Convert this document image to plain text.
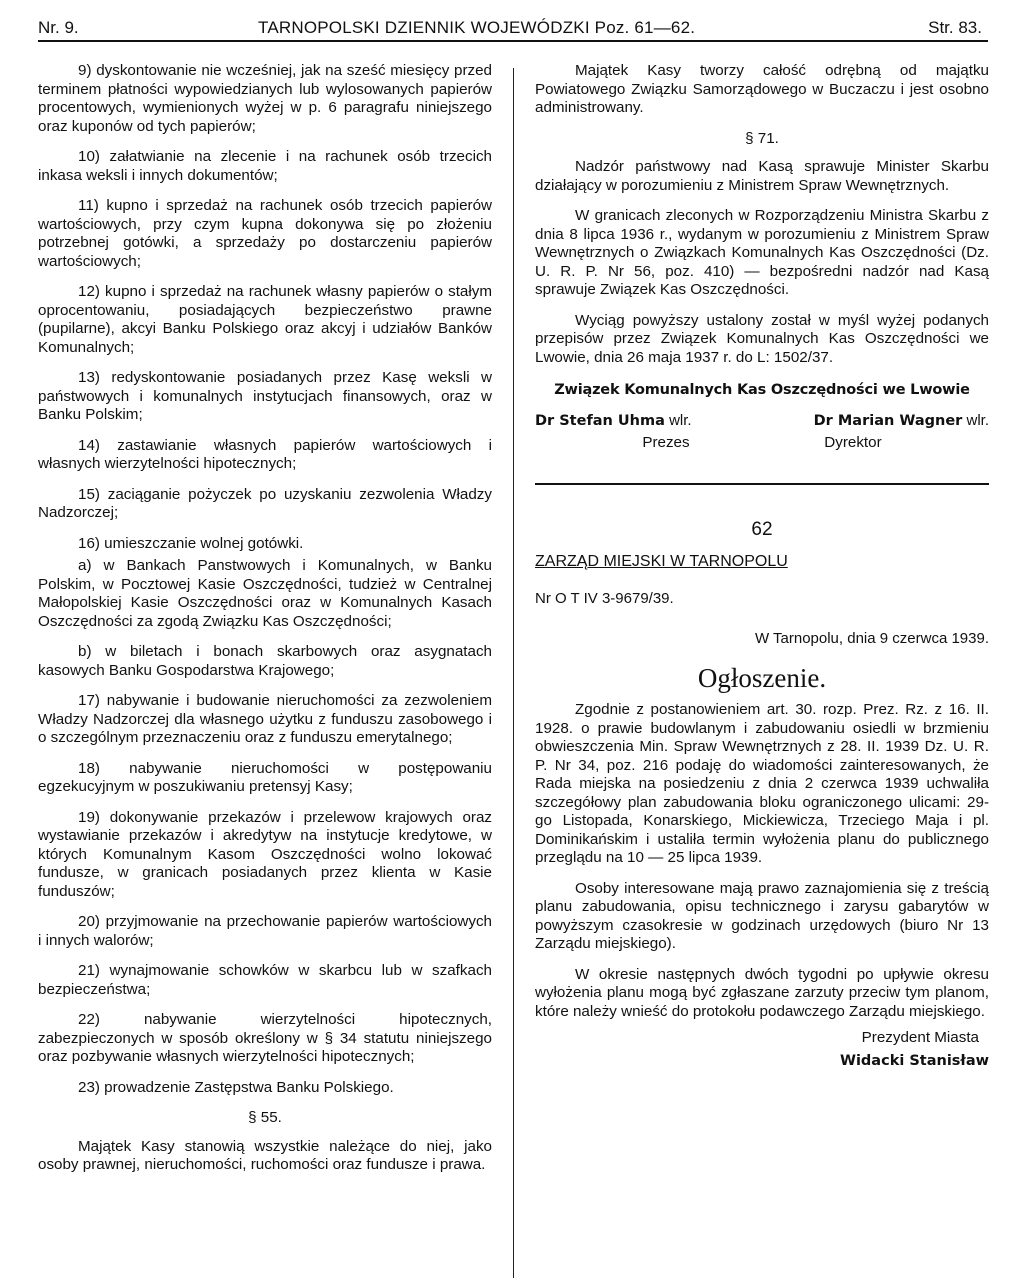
Nr. 9.	TARNOPOLSKI DZIENNIK WOJEWÓDZKI Poz. 61—62.	Str. 83.

9) dyskontowanie nie wcześniej, jak na sześć miesięcy przed terminem płatności wypowiedzianych lub wylosowanych papierów procentowych, wymienionych wyżej w p. 6 paragrafu niniejszego oraz kuponów od tych papierów;

10) załatwianie na zlecenie i na rachunek osób trzecich inkasa weksli i innych dokumentów;

11) kupno i sprzedaż na rachunek osób trzecich papierów wartościowych, przy czym kupna dokonywa się po złożeniu potrzebnej gotówki, a sprzedaży po dostarczeniu papierów wartościowych;

12) kupno i sprzedaż na rachunek własny papierów o stałym oprocentowaniu, posiadających bezpieczeństwo prawne (pupilarne), akcyi Banku Polskiego oraz akcyj i udziałów Banków Komunalnych;

13) redyskontowanie posiadanych przez Kasę weksli w państwowych i komunalnych instytucjach finansowych, oraz w Banku Polskim;

14) zastawianie własnych papierów wartościowych i własnych wierzytelności hipotecznych;

15) zaciąganie pożyczek po uzyskaniu zezwolenia Władzy Nadzorczej;

16) umieszczanie wolnej gotówki.

a) w Bankach Panstwowych i Komunalnych, w Banku Polskim, w Pocztowej Kasie Oszczędności, tudzież w Centralnej Małopolskiej Kasie Oszczędności oraz w Komunalnych Kasach Oszczędności za zgodą Związku Kas Oszczędności;

b) w biletach i bonach skarbowych oraz asygnatach kasowych Banku Gospodarstwa Krajowego;

17) nabywanie i budowanie nieruchomości za zezwoleniem Władzy Nadzorczej dla własnego użytku z funduszu zasobowego i o szczególnym przeznaczeniu oraz z funduszu emerytalnego;

18) nabywanie nieruchomości w postępowaniu egzekucyjnym w poszukiwaniu pretensyj Kasy;

19) dokonywanie przekazów i przelewow krajowych oraz wystawianie przekazów i akredytyw na instytucje kredytowe, w których Komunalnym Kasom Oszczędności wolno lokować fundusze, w granicach posiadanych przez klienta w Kasie funduszów;

20) przyjmowanie na przechowanie papierów wartościowych i innych walorów;

21) wynajmowanie schowków w skarbcu lub w szafkach bezpieczeństwa;

22) nabywanie wierzytelności hipotecznych, zabezpieczonych w sposób określony w § 34 statutu niniejszego oraz pozbywanie własnych wierzytelności hipotecznych;

23) prowadzenie Zastępstwa Banku Polskiego.

§ 55.

Majątek Kasy stanowią wszystkie należące do niej, jako osoby prawnej, nieruchomości, ruchomości oraz fundusze i prawa.

Majątek Kasy tworzy całość odrębną od majątku Powiatowego Związku Samorządowego w Buczaczu i jest osobno administrowany.

§ 71.

Nadzór państwowy nad Kasą sprawuje Minister Skarbu działający w porozumieniu z Ministrem Spraw Wewnętrznych.

W granicach zleconych w Rozporządzeniu Ministra Skarbu z dnia 8 lipca 1936 r., wydanym w porozumieniu z Ministrem Spraw Wewnętrznych o Związkach Komunalnych Kas Oszczędności (Dz. U. R. P. Nr 56, poz. 410) — bezpośredni nadzór nad Kasą sprawuje Związek Kas Oszczędności.

Wyciąg powyższy ustalony został w myśl wyżej podanych przepisów przez Związek Komunalnych Kas Oszczędności we Lwowie, dnia 26 maja 1937 r. do L: 1502/37.

Związek Komunalnych Kas Oszczędności we Lwowie
Dr Stefan Uhma wlr.	Dr Marian Wagner wlr.
Prezes	Dyrektor
62
ZARZĄD MIEJSKI W TARNOPOLU
Nr O T IV 3-9679/39.
W Tarnopolu, dnia 9 czerwca 1939.
Ogłoszenie.

Zgodnie z postanowieniem art. 30. rozp. Prez. Rz. z 16. II. 1928. o prawie budowlanym i zabudowaniu osiedli w brzmieniu obwieszczenia Min. Spraw Wewnętrznych z 28. II. 1939 Dz. U. R. P. Nr 34, poz. 216 podaję do wiadomości zainteresowanych, że Rada miejska na posiedzeniu z dnia 2 czerwca 1939 uchwaliła szczegółowy plan zabudowania bloku ograniczonego ulicami: 29-go Listopada, Konarskiego, Mickiewicza, Trzeciego Maja i pl. Dominikańskim i ustaliła termin wyłożenia planu do publicznego przeglądu na 10 — 25 lipca 1939.

Osoby interesowane mają prawo zaznajomienia się z treścią planu zabudowania, opisu technicznego i zarysu gabarytów w powyższym czasokresie w godzinach urzędowych (biuro Nr 13 Zarządu miejskiego).

W okresie następnych dwóch tygodni po upływie okresu wyłożenia planu mogą być zgłaszane zarzuty przeciw tym planom, które należy wnieść do protokołu podawczego Zarządu miejskiego.

Prezydent Miasta
Widacki Stanisław
